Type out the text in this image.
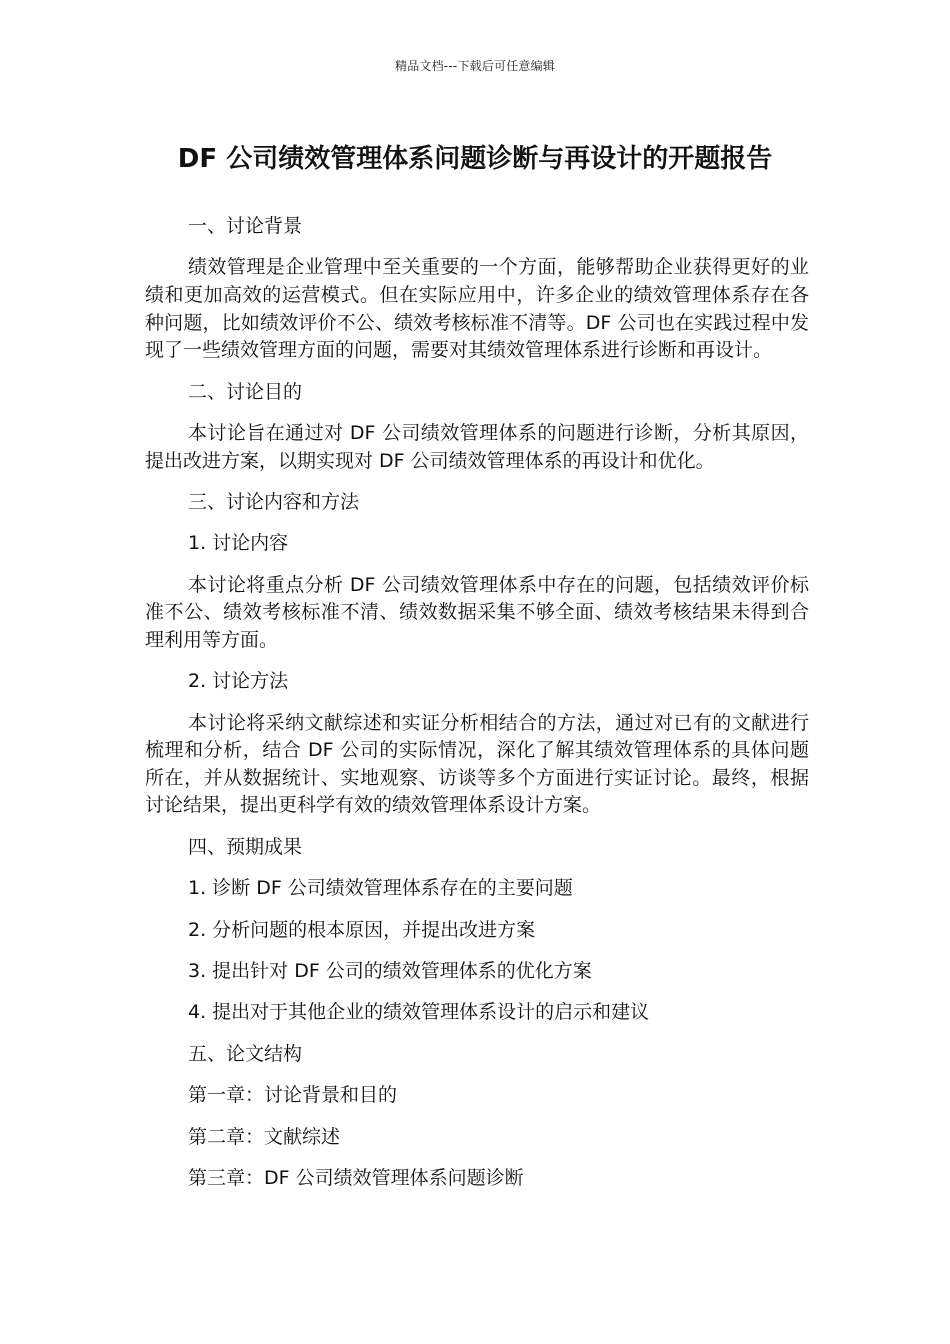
精品文档---下载后可任意编辑
DF 公司绩效管理体系问题诊断与再设计的开题报告

一、讨论背景

绩效管理是企业管理中至关重要的一个方面，能够帮助企业获得更好的业绩和更加高效的运营模式。但在实际应用中，许多企业的绩效管理体系存在各种问题，比如绩效评价不公、绩效考核标准不清等。DF 公司也在实践过程中发现了一些绩效管理方面的问题，需要对其绩效管理体系进行诊断和再设计。

二、讨论目的

本讨论旨在通过对 DF 公司绩效管理体系的问题进行诊断，分析其原因，提出改进方案，以期实现对 DF 公司绩效管理体系的再设计和优化。

三、讨论内容和方法

1. 讨论内容

本讨论将重点分析 DF 公司绩效管理体系中存在的问题，包括绩效评价标准不公、绩效考核标准不清、绩效数据采集不够全面、绩效考核结果未得到合理利用等方面。

2. 讨论方法

本讨论将采纳文献综述和实证分析相结合的方法，通过对已有的文献进行梳理和分析，结合 DF 公司的实际情况，深化了解其绩效管理体系的具体问题所在，并从数据统计、实地观察、访谈等多个方面进行实证讨论。最终，根据讨论结果，提出更科学有效的绩效管理体系设计方案。

四、预期成果

1. 诊断 DF 公司绩效管理体系存在的主要问题

2. 分析问题的根本原因，并提出改进方案

3. 提出针对 DF 公司的绩效管理体系的优化方案

4. 提出对于其他企业的绩效管理体系设计的启示和建议

五、论文结构

第一章：讨论背景和目的

第二章：文献综述

第三章：DF 公司绩效管理体系问题诊断
